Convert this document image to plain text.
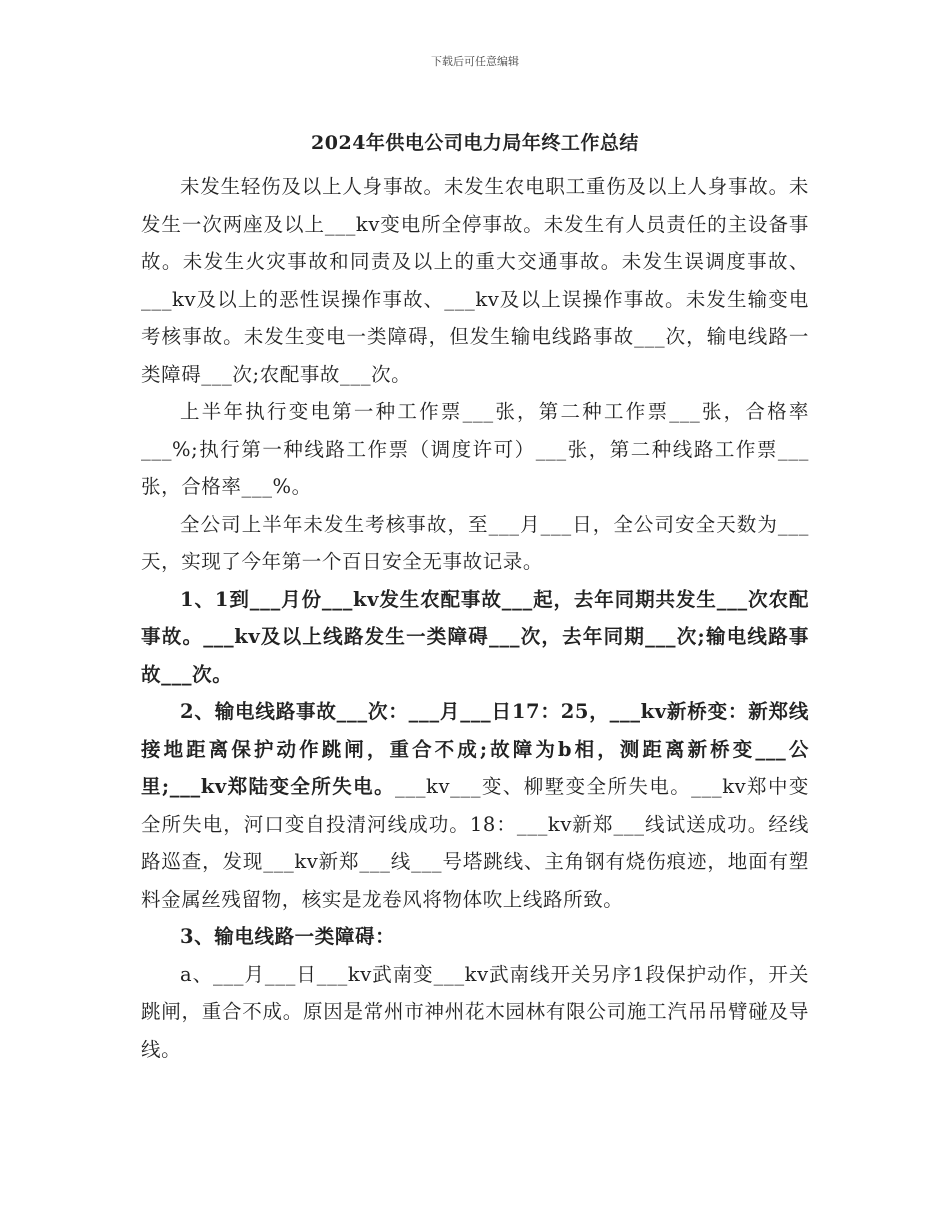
下载后可任意编辑
2024年供电公司电力局年终工作总结

未发生轻伤及以上人身事故。未发生农电职工重伤及以上人身事故。未发生一次两座及以上___kv变电所全停事故。未发生有人员责任的主设备事故。未发生火灾事故和同责及以上的重大交通事故。未发生误调度事故、___kv及以上的恶性误操作事故、___kv及以上误操作事故。未发生输变电考核事故。未发生变电一类障碍，但发生输电线路事故___次，输电线路一类障碍___次;农配事故___次。

上半年执行变电第一种工作票___张，第二种工作票___张，合格率___%;执行第一种线路工作票（调度许可）___张，第二种线路工作票___张，合格率___%。

全公司上半年未发生考核事故，至___月___日，全公司安全天数为___天，实现了今年第一个百日安全无事故记录。

1、1到___月份___kv发生农配事故___起，去年同期共发生___次农配事故。___kv及以上线路发生一类障碍___次，去年同期___次;输电线路事故___次。

2、输电线路事故___次：___月___日17：25，___kv新桥变：新郑线接地距离保护动作跳闸，重合不成;故障为b相，测距离新桥变___公里;___kv郑陆变全所失电。___kv___变、柳墅变全所失电。___kv郑中变全所失电，河口变自投清河线成功。18：___kv新郑___线试送成功。经线路巡查，发现___kv新郑___线___号塔跳线、主角钢有烧伤痕迹，地面有塑料金属丝残留物，核实是龙卷风将物体吹上线路所致。

3、输电线路一类障碍：

a、___月___日___kv武南变___kv武南线开关另序1段保护动作，开关跳闸，重合不成。原因是常州市神州花木园林有限公司施工汽吊吊臂碰及导线。
